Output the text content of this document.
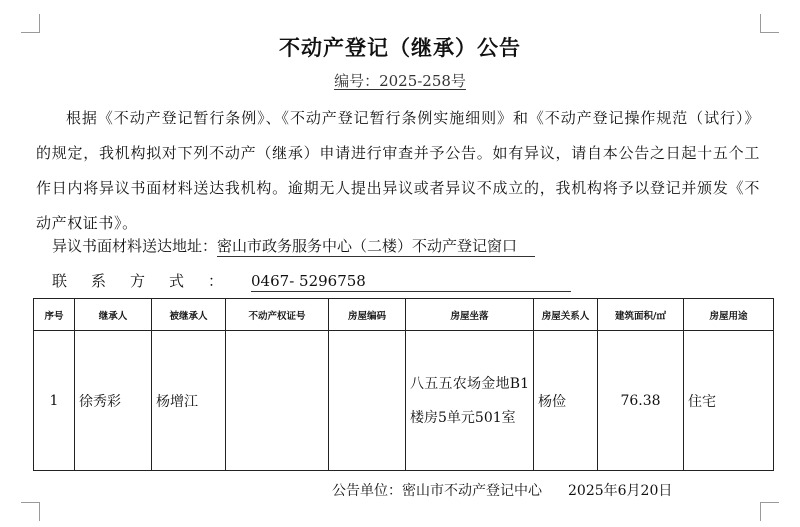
不动产登记（继承）公告
编号：2025-258号

根据《不动产登记暂行条例》、《不动产登记暂行条例实施细则》和《不动产登记操作规范（试行）》的规定，我机构拟对下列不动产（继承）申请进行审查并予公告。如有异议，请自本公告之日起十五个工作日内将异议书面材料送达我机构。逾期无人提出异议或者异议不成立的，我机构将予以登记并颁发《不动产权证书》。

异议书面材料送达地址：密山市政务服务中心（二楼）不动产登记窗口
联系方式： 0467- 5296758
序号	继承人	被继承人	不动产权证号	房屋编码	房屋坐落	房屋关系人	建筑面积/㎡	房屋用途
1	徐秀彩	杨增江			八五五农场金地B1楼房5单元501室	杨俭	76.38	住宅
公告单位：密山市不动产登记中心 2025年6月20日
